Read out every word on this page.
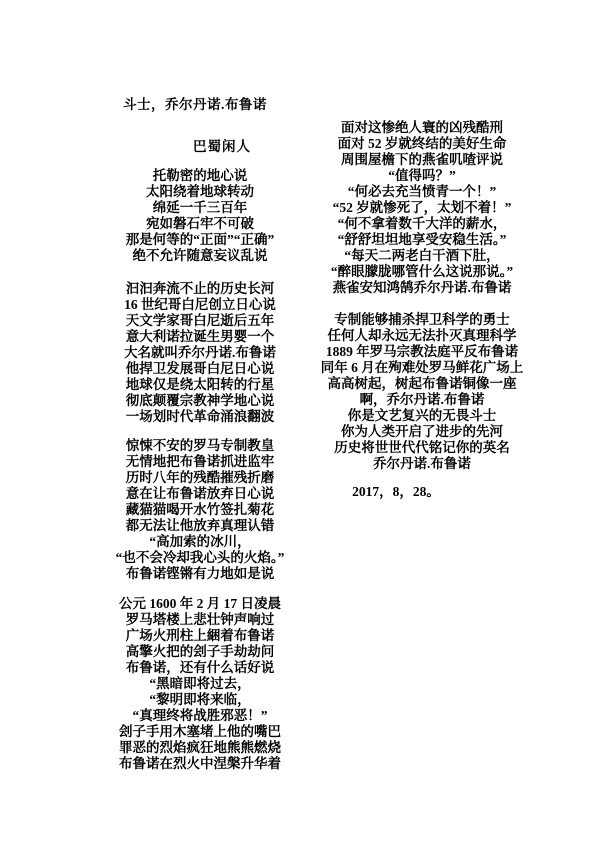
斗士，乔尔丹诺.布鲁诺
巴蜀闲人
托勒密的地心说
太阳绕着地球转动
绵延一千三百年
宛如磐石牢不可破
那是何等的“正面”“正确”
绝不允许随意妄议乱说
汩汩奔流不止的历史长河
16 世纪哥白尼创立日心说
天文学家哥白尼逝后五年
意大利诺拉诞生男婴一个
大名就叫乔尔丹诺.布鲁诺
他捍卫发展哥白尼日心说
地球仅是绕太阳转的行星
彻底颠覆宗教神学地心说
一场划时代革命涌浪翻波
惊悚不安的罗马专制教皇
无情地把布鲁诺抓进监牢
历时八年的残酷摧残折磨
意在让布鲁诺放弃日心说
藏猫猫喝开水竹签扎菊花
都无法让他放弃真理认错
“高加索的冰川，
“也不会冷却我心头的火焰。”
布鲁诺铿锵有力地如是说
公元 1600 年 2 月 17 日凌晨
罗马塔楼上悲壮钟声响过
广场火刑柱上綑着布鲁诺
高擎火把的刽子手劫劫问
布鲁诺，还有什么话好说
“黑暗即将过去，
“黎明即将来临，
“真理终将战胜邪恶！”
刽子手用木塞堵上他的嘴巴
罪恶的烈焰疯狂地熊熊燃烧
布鲁诺在烈火中涅槃升华着
面对这惨绝人寰的凶残酷刑
面对 52 岁就终结的美好生命
周围屋檐下的燕雀叽喳评说
“值得吗？”
“何必去充当愤青一个！”
“52 岁就惨死了，太划不着！”
“何不拿着数千大洋的薪水，
“舒舒坦坦地享受安稳生活。”
“每天二两老白干酒下肚，
“醉眼朦胧哪管什么这说那说。”
燕雀安知鸿鹄乔尔丹诺.布鲁诺
专制能够捕杀捍卫科学的勇士
任何人却永远无法扑灭真理科学
1889 年罗马宗教法庭平反布鲁诺
同年 6 月在殉难处罗马鲜花广场上
高高树起，树起布鲁诺铜像一座
啊，乔尔丹诺.布鲁诺
你是文艺复兴的无畏斗士
你为人类开启了进步的先河
历史将世世代代铭记你的英名
乔尔丹诺.布鲁诺
2017，8，28。
